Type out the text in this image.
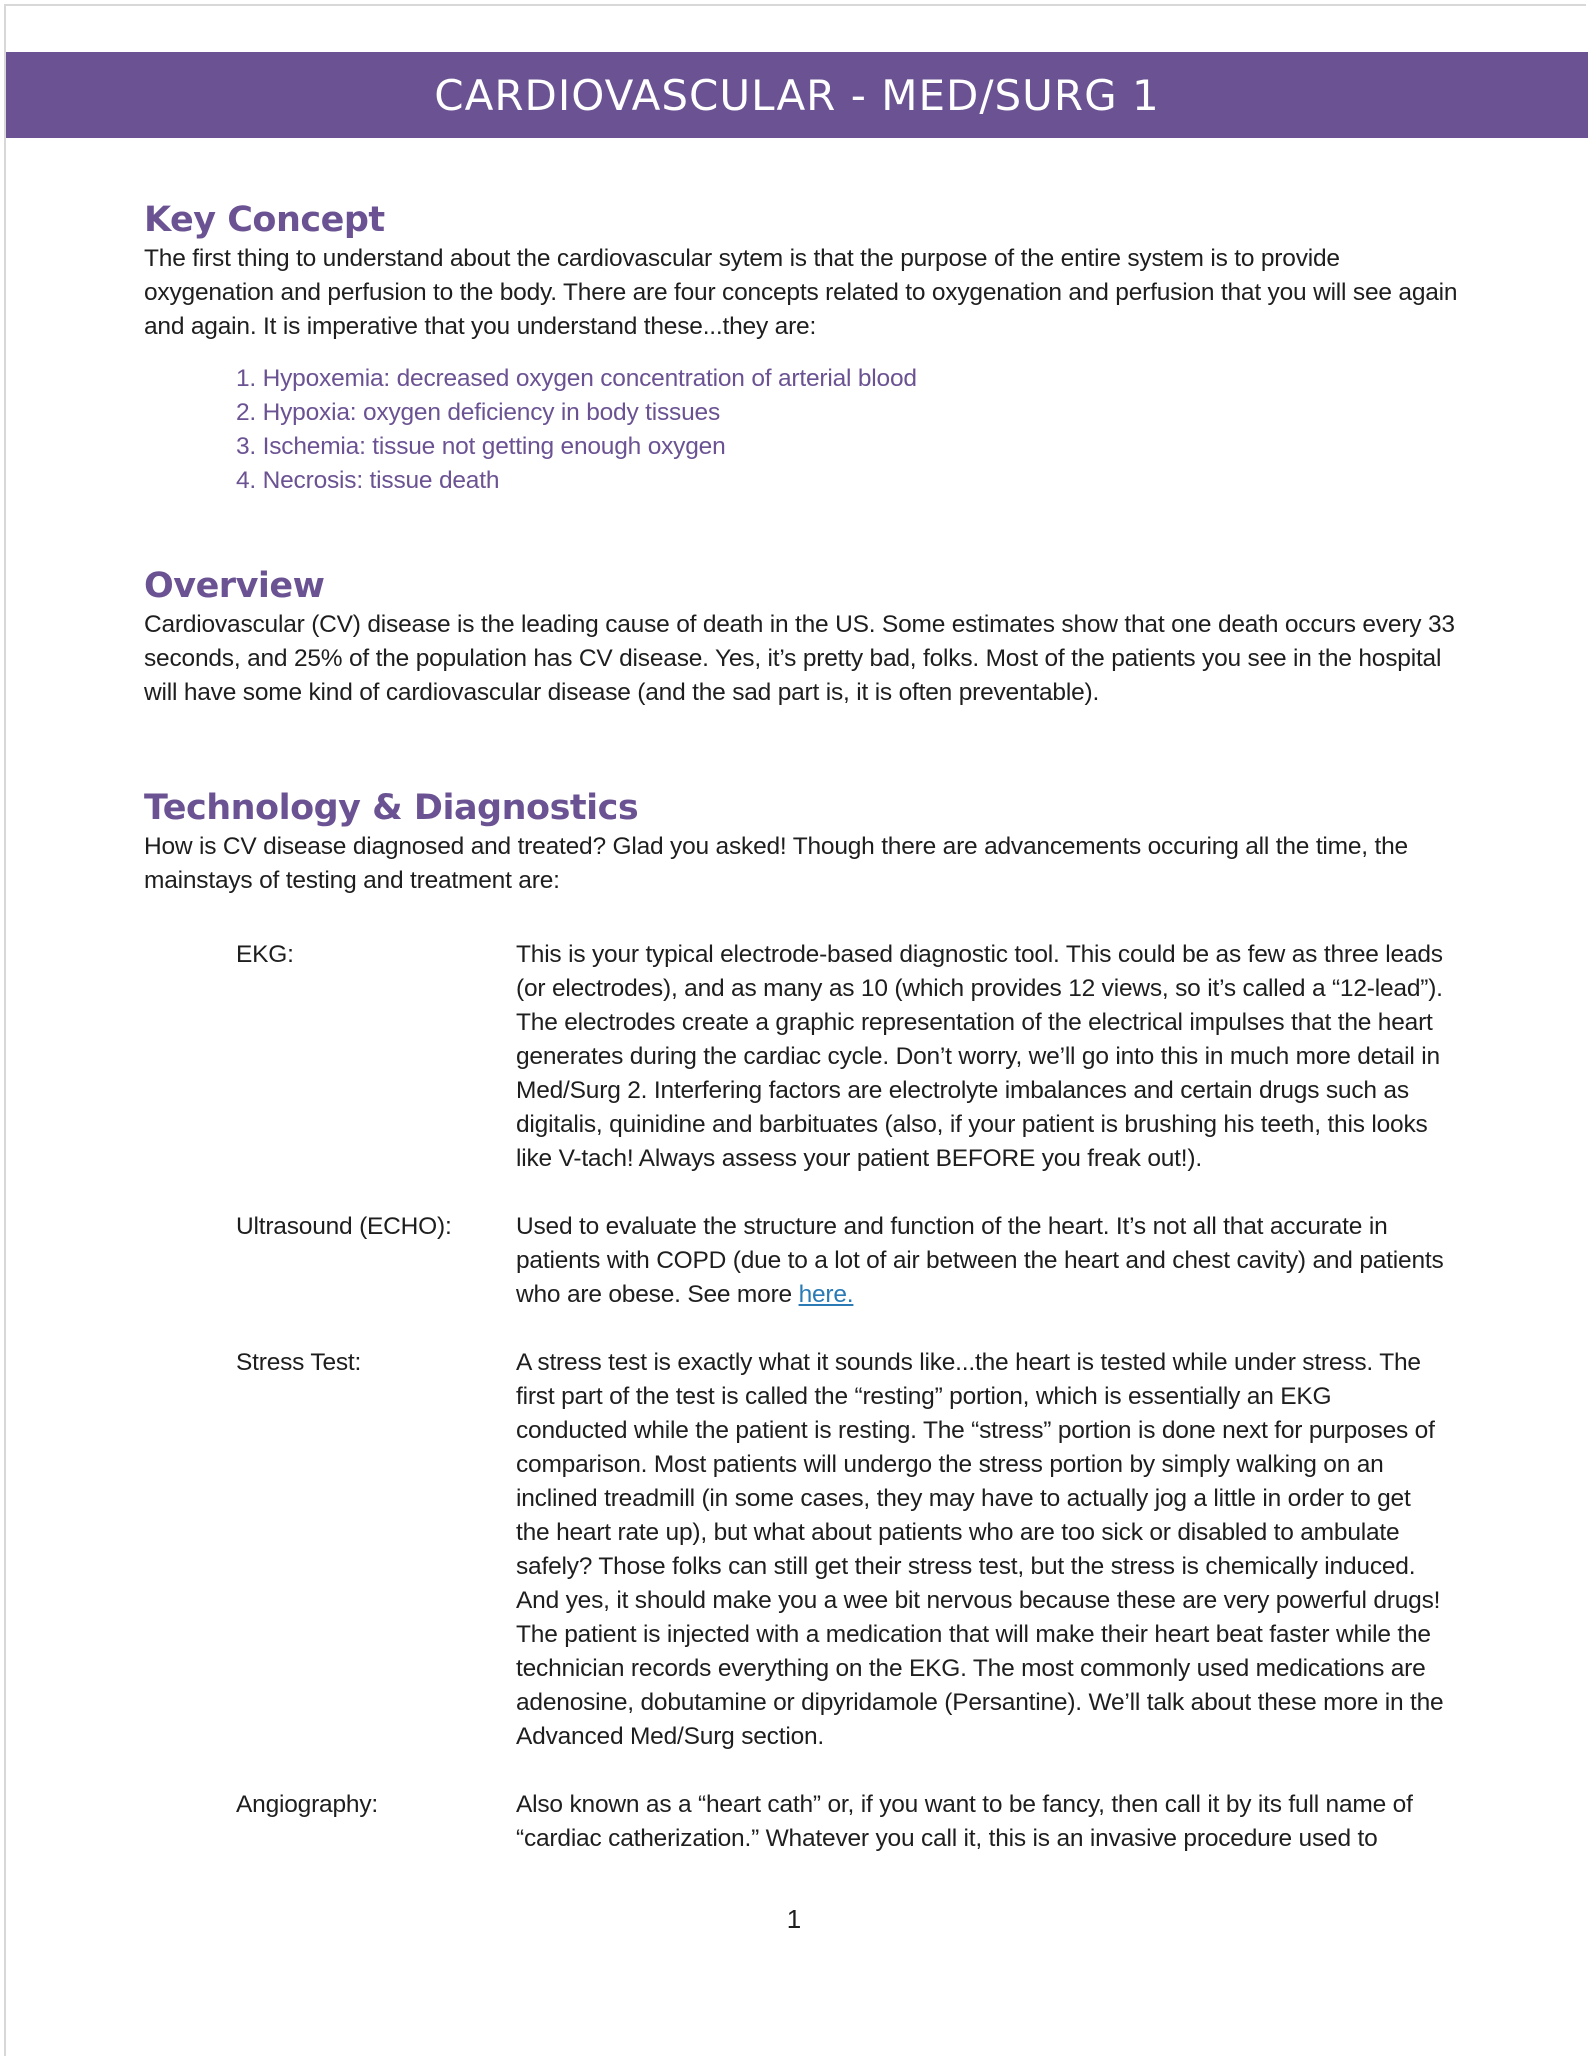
CARDIOVASCULAR - MED/SURG 1
Key Concept

The first thing to understand about the cardiovascular sytem is that the purpose of the entire system is to provide oxygenation and perfusion to the body. There are four concepts related to oxygenation and perfusion that you will see again and again. It is imperative that you understand these...they are:

1. Hypoxemia: decreased oxygen concentration of arterial blood
2. Hypoxia: oxygen deficiency in body tissues
3. Ischemia: tissue not getting enough oxygen
4. Necrosis: tissue death
Overview

Cardiovascular (CV) disease is the leading cause of death in the US. Some estimates show that one death occurs every 33 seconds, and 25% of the population has CV disease. Yes, it’s pretty bad, folks. Most of the patients you see in the hospital will have some kind of cardiovascular disease (and the sad part is, it is often preventable).

Technology & Diagnostics

How is CV disease diagnosed and treated? Glad you asked! Though there are advancements occuring all the time, the mainstays of testing and treatment are:

EKG:	This is your typical electrode-based diagnostic tool. This could be as few as three leads (or electrodes), and as many as 10 (which provides 12 views, so it’s called a “12-lead”). The electrodes create a graphic representation of the electrical impulses that the heart generates during the cardiac cycle. Don’t worry, we’ll go into this in much more detail in Med/Surg 2. Interfering factors are electrolyte imbalances and certain drugs such as digitalis, quinidine and barbituates (also, if your patient is brushing his teeth, this looks like V-tach! Always assess your patient BEFORE you freak out!).
Ultrasound (ECHO):	Used to evaluate the structure and function of the heart. It’s not all that accurate in patients with COPD (due to a lot of air between the heart and chest cavity) and patients who are obese. See more here.
Stress Test:	A stress test is exactly what it sounds like...the heart is tested while under stress. The first part of the test is called the “resting” portion, which is essentially an EKG conducted while the patient is resting. The “stress” portion is done next for purposes of comparison. Most patients will undergo the stress portion by simply walking on an inclined treadmill (in some cases, they may have to actually jog a little in order to get the heart rate up), but what about patients who are too sick or disabled to ambulate safely? Those folks can still get their stress test, but the stress is chemically induced. And yes, it should make you a wee bit nervous because these are very powerful drugs! The patient is injected with a medication that will make their heart beat faster while the technician records everything on the EKG. The most commonly used medications are adenosine, dobutamine or dipyridamole (Persantine). We’ll talk about these more in the Advanced Med/Surg section.
Angiography:	Also known as a “heart cath” or, if you want to be fancy, then call it by its full name of “cardiac catherization.” Whatever you call it, this is an invasive procedure used to
1
